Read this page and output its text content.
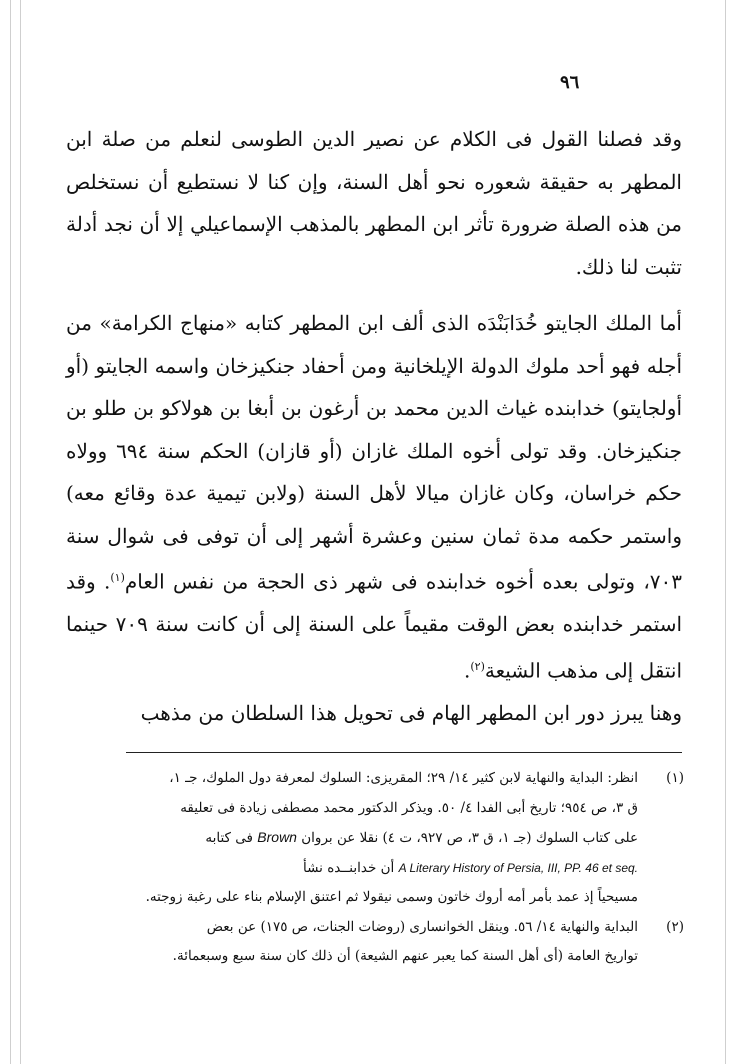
٩٦

وقد فصلنا القول فى الكلام عن نصير الدين الطوسى لنعلم من صلة ابن المطهر به حقيقة شعوره نحو أهل السنة، وإن كنا لا نستطيع أن نستخلص من هذه الصلة ضرورة تأثر ابن المطهر بالمذهب الإسماعيلي إلا أن نجد أدلة تثبت لنا ذلك.

أما الملك الجايتو خُدَابَنْدَه الذى ألف ابن المطهر كتابه «منهاج الكرامة» من أجله فهو أحد ملوك الدولة الإيلخانية ومن أحفاد جنكيزخان واسمه الجايتو (أو أولجايتو) خدابنده غياث الدين محمد بن أرغون بن أبغا بن هولاكو بن طلو بن جنكيزخان. وقد تولى أخوه الملك غازان (أو قازان) الحكم سنة ٦٩٤ وولاه حكم خراسان، وكان غازان ميالا لأهل السنة (ولابن تيمية عدة وقائع معه) واستمر حكمه مدة ثمان سنين وعشرة أشهر إلى أن توفى فى شوال سنة ٧٠٣، وتولى بعده أخوه خدابنده فى شهر ذى الحجة من نفس العام$^{(١)}$. وقد استمر خدابنده بعض الوقت مقيماً على السنة إلى أن كانت سنة ٧٠٩ حينما انتقل إلى مذهب الشيعة$^{(٢)}$.

وهنا يبرز دور ابن المطهر الهام فى تحويل هذا السلطان من مذهب

(١)
انظر: البداية والنهاية لابن كثير ١٤/ ٢٩؛ المقريزى: السلوك لمعرفة دول الملوك، جـ ١،
ق ٣، ص ٩٥٤؛ تاريخ أبى الفدا ٤/ ٥٠. ويذكر الدكتور محمد مصطفى زيادة فى تعليقه
على كتاب السلوك (جـ ١، ق ٣، ص ٩٢٧، ت ٤) نقلا عن بروان Brown فى كتابه
A Literary History of Persia, III, PP. 46 et seq. أن خدابنــده نشأ
مسيحياً إذ عمد بأمر أمه أروك خاتون وسمى نيقولا ثم اعتنق الإسلام بناء على رغبة زوجته.
(٢)
البداية والنهاية ١٤/ ٥٦. وينقل الخوانسارى (روضات الجنات، ص ١٧٥) عن بعض
تواريخ العامة (أى أهل السنة كما يعبر عنهم الشيعة) أن ذلك كان سنة سبع وسبعمائة.
